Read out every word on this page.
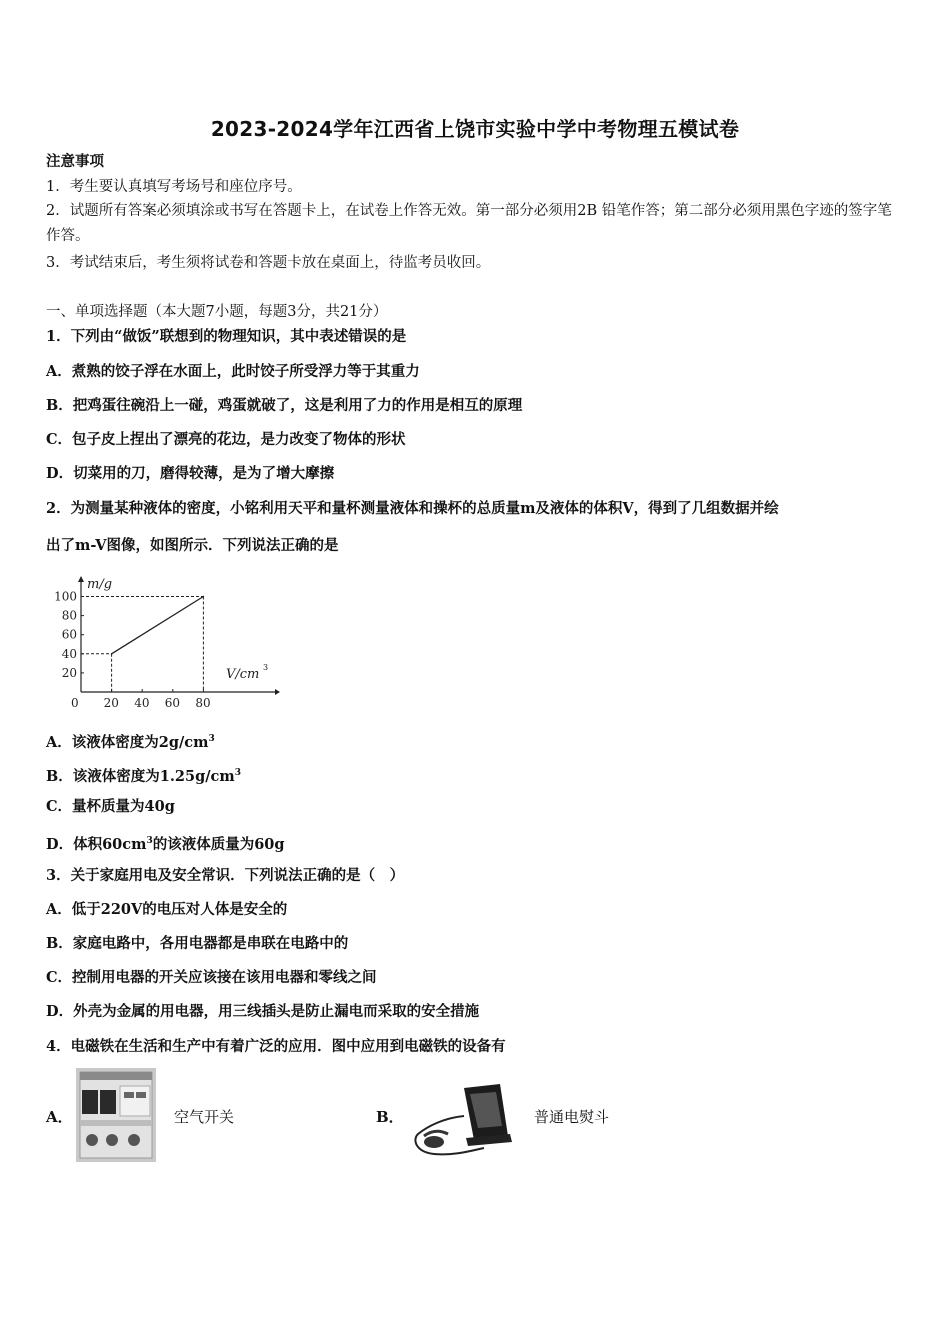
2023-2024学年江西省上饶市实验中学中考物理五模试卷
注意事项
1．考生要认真填写考场号和座位序号。
2．试题所有答案必须填涂或书写在答题卡上，在试卷上作答无效。第一部分必须用2B 铅笔作答；第二部分必须用黑色字迹的签字笔作答。
3．考试结束后，考生须将试卷和答题卡放在桌面上，待监考员收回。
一、单项选择题（本大题7小题，每题3分，共21分）
1．下列由“做饭”联想到的物理知识，其中表述错误的是
A．煮熟的饺子浮在水面上，此时饺子所受浮力等于其重力
B．把鸡蛋往碗沿上一碰，鸡蛋就破了，这是利用了力的作用是相互的原理
C．包子皮上捏出了漂亮的花边，是力改变了物体的形状
D．切菜用的刀，磨得较薄，是为了增大摩擦
2．为测量某种液体的密度，小铭利用天平和量杯测量液体和操杯的总质量m及液体的体积V，得到了几组数据并绘
出了m-V图像，如图所示．下列说法正确的是
0 20 40 60 80
20
40
60
80
100
m/g
V/cm 3
A．该液体密度为$2g/cm^3$
B．该液体密度为$1.25g/cm^3$
C．量杯质量为40g
D．体积$60cm^3$的该液体质量为60g
3．关于家庭用电及安全常识．下列说法正确的是（　）
A．低于220V的电压对人体是安全的
B．家庭电路中，各用电器都是串联在电路中的
C．控制用电器的开关应该接在该用电器和零线之间
D．外壳为金属的用电器，用三线插头是防止漏电而采取的安全措施
4．电磁铁在生活和生产中有着广泛的应用．图中应用到电磁铁的设备有
A．	空气开关	B．	普通电熨斗
